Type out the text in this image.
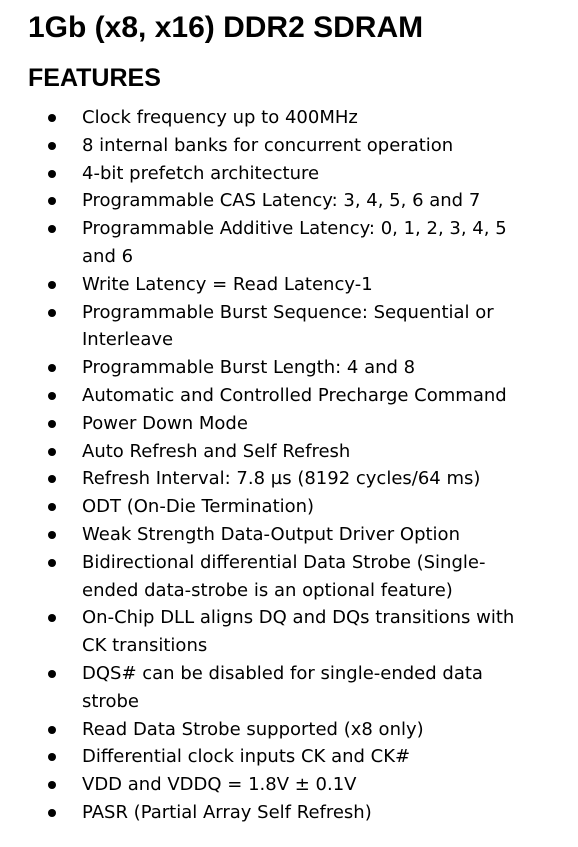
1Gb (x8, x16) DDR2 SDRAM
FEATURES
Clock frequency up to 400MHz
8 internal banks for concurrent operation
4-bit prefetch architecture
Programmable CAS Latency: 3, 4, 5, 6 and 7
Programmable Additive Latency: 0, 1, 2, 3, 4, 5 and 6
Write Latency = Read Latency-1
Programmable Burst Sequence: Sequential or Interleave
Programmable Burst Length: 4 and 8
Automatic and Controlled Precharge Command
Power Down Mode
Auto Refresh and Self Refresh
Refresh Interval: 7.8 µs (8192 cycles/64 ms)
ODT (On-Die Termination)
Weak Strength Data-Output Driver Option
Bidirectional differential Data Strobe (Single-ended data-strobe is an optional feature)
On-Chip DLL aligns DQ and DQs transitions with CK transitions
DQS# can be disabled for single-ended data strobe
Read Data Strobe supported (x8 only)
Differential clock inputs CK and CK#
VDD and VDDQ = 1.8V ± 0.1V
PASR (Partial Array Self Refresh)
